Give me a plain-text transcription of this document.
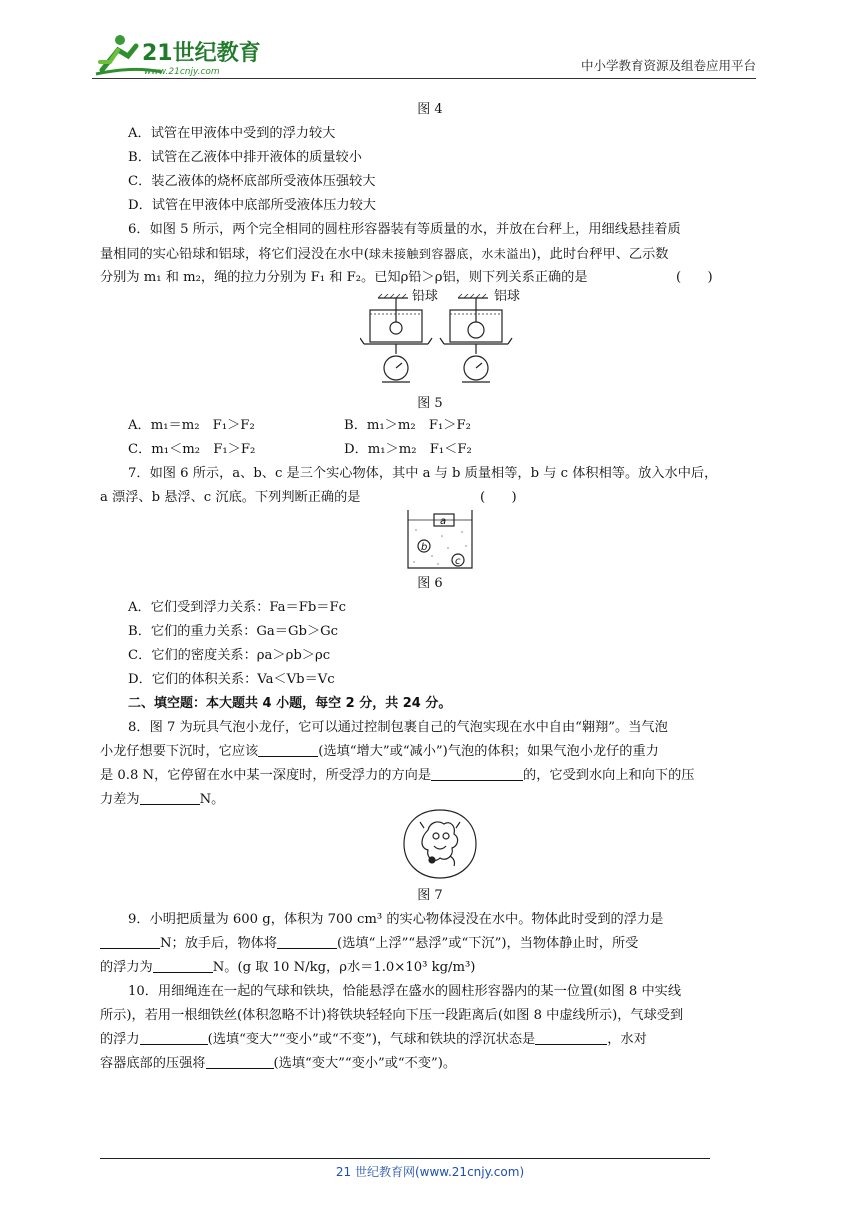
21世纪教育
www.21cnjy.com	中小学教育资源及组卷应用平台
图 4
A．试管在甲液体中受到的浮力较大
B．试管在乙液体中排开液体的质量较小
C．装乙液体的烧杯底部所受液体压强较大
D．试管在甲液体中底部所受液体压力较大
6．如图 5 所示，两个完全相同的圆柱形容器装有等质量的水，并放在台秤上，用细线悬挂着质
量相同的实心铅球和铝球，将它们浸没在水中(球未接触到容器底，水未溢出)，此时台秤甲、乙示数
分别为 m₁ 和 m₂，绳的拉力分别为 F₁ 和 F₂。已知ρ铅＞ρ铝，则下列关系正确的是	(　　)
铅球	铝球
图 5
A．m₁＝m₂　F₁＞F₂	B．m₁＞m₂　F₁＞F₂
C．m₁＜m₂　F₁＞F₂	D．m₁＞m₂　F₁＜F₂
7．如图 6 所示，a、b、c 是三个实心物体，其中 a 与 b 质量相等，b 与 c 体积相等。放入水中后，
a 漂浮、b 悬浮、c 沉底。下列判断正确的是	(　　)
a
b
c
图 6
A．它们受到浮力关系：Fa＝Fb＝Fc
B．它们的重力关系：Ga＝Gb＞Gc
C．它们的密度关系：ρa＞ρb＞ρc
D．它们的体积关系：Va＜Vb＝Vc
二、填空题：本大题共 4 小题，每空 2 分，共 24 分。
8．图 7 为玩具气泡小龙仔，它可以通过控制包裹自己的气泡实现在水中自由“翱翔”。当气泡
小龙仔想要下沉时，它应该	(选填“增大”或“减小”)气泡的体积；如果气泡小龙仔的重力
是 0.8 N，它停留在水中某一深度时，所受浮力的方向是	的，它受到水向上和向下的压
力差为	N。
图 7
9．小明把质量为 600 g，体积为 700 cm³ 的实心物体浸没在水中。物体此时受到的浮力是
N；放手后，物体将	(选填“上浮”“悬浮”或“下沉”)，当物体静止时，所受
的浮力为	N。(g 取 10 N/kg，ρ水＝1.0×10³ kg/m³)
10．用细绳连在一起的气球和铁块，恰能悬浮在盛水的圆柱形容器内的某一位置(如图 8 中实线
所示)，若用一根细铁丝(体积忽略不计)将铁块轻轻向下压一段距离后(如图 8 中虚线所示)，气球受到
的浮力	(选填“变大”“变小”或“不变”)，气球和铁块的浮沉状态是	，水对
容器底部的压强将	(选填“变大”“变小”或“不变”)。
21 世纪教育网(www.21cnjy.com)
